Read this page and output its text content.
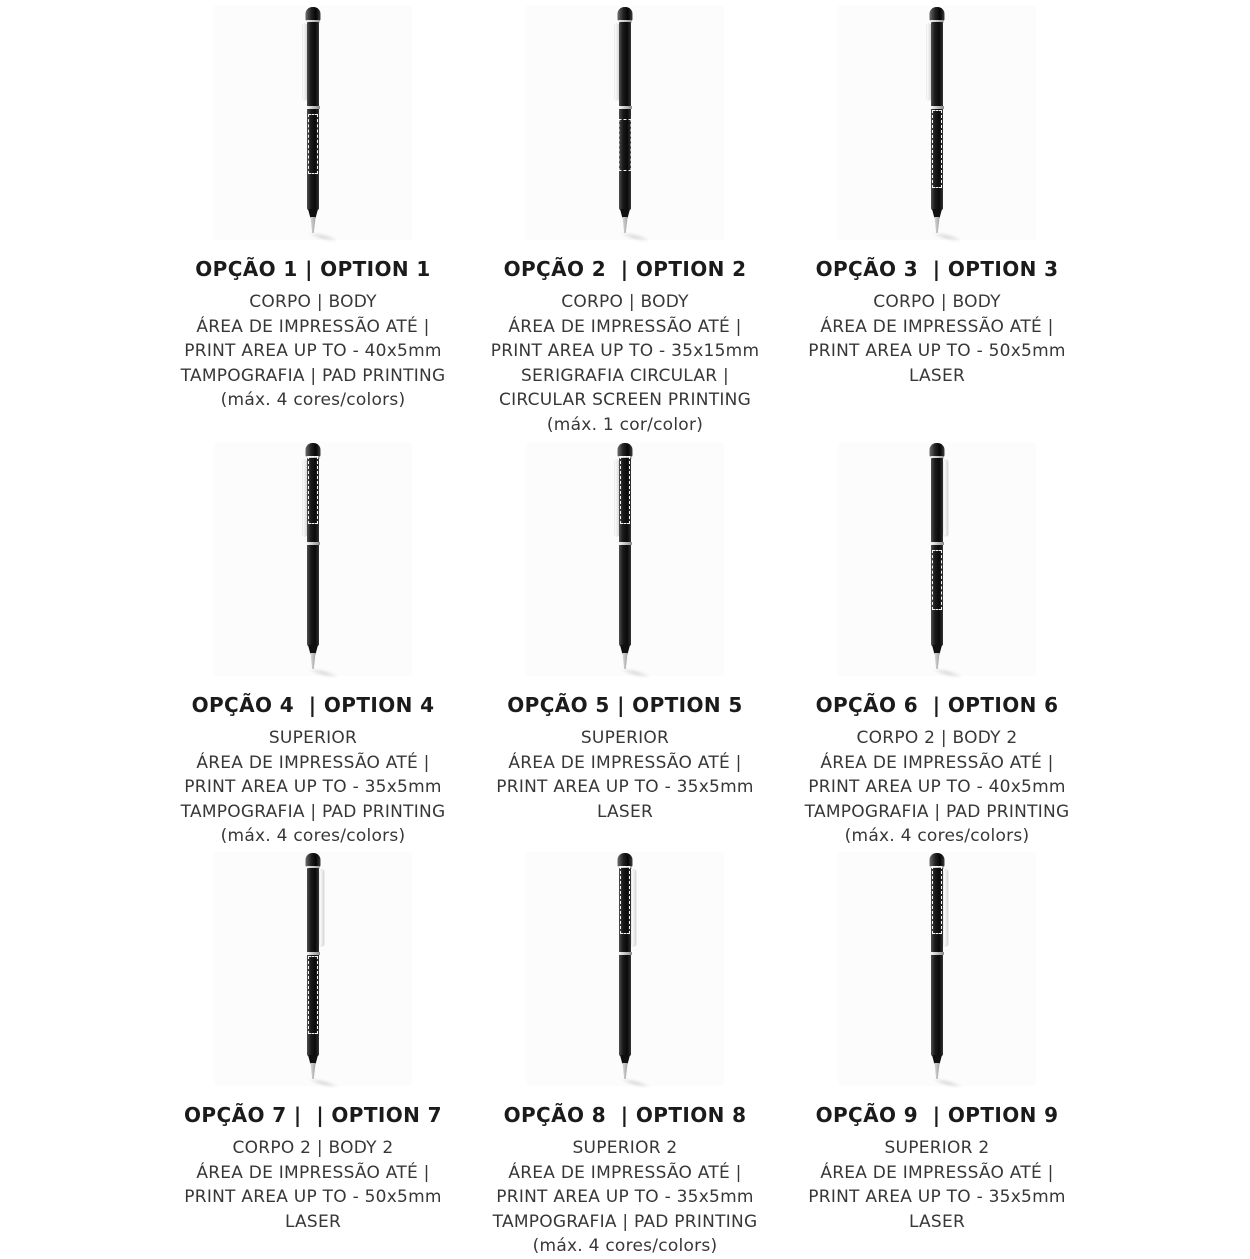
OPÇÃO 1 | OPTION 1

CORPO | BODY

ÁREA DE IMPRESSÃO ATÉ |

PRINT AREA UP TO - 40x5mm

TAMPOGRAFIA | PAD PRINTING

(máx. 4 cores/colors)

OPÇÃO 2  | OPTION 2

CORPO | BODY

ÁREA DE IMPRESSÃO ATÉ |

PRINT AREA UP TO - 35x15mm

SERIGRAFIA CIRCULAR |

CIRCULAR SCREEN PRINTING

(máx. 1 cor/color)

OPÇÃO 3  | OPTION 3

CORPO | BODY

ÁREA DE IMPRESSÃO ATÉ |

PRINT AREA UP TO - 50x5mm

LASER

OPÇÃO 4  | OPTION 4

SUPERIOR

ÁREA DE IMPRESSÃO ATÉ |

PRINT AREA UP TO - 35x5mm

TAMPOGRAFIA | PAD PRINTING

(máx. 4 cores/colors)

OPÇÃO 5 | OPTION 5

SUPERIOR

ÁREA DE IMPRESSÃO ATÉ |

PRINT AREA UP TO - 35x5mm

LASER

OPÇÃO 6  | OPTION 6

CORPO 2 | BODY 2

ÁREA DE IMPRESSÃO ATÉ |

PRINT AREA UP TO - 40x5mm

TAMPOGRAFIA | PAD PRINTING

(máx. 4 cores/colors)

OPÇÃO 7 |  | OPTION 7

CORPO 2 | BODY 2

ÁREA DE IMPRESSÃO ATÉ |

PRINT AREA UP TO - 50x5mm

LASER

OPÇÃO 8  | OPTION 8

SUPERIOR 2

ÁREA DE IMPRESSÃO ATÉ |

PRINT AREA UP TO - 35x5mm

TAMPOGRAFIA | PAD PRINTING

(máx. 4 cores/colors)

OPÇÃO 9  | OPTION 9

SUPERIOR 2

ÁREA DE IMPRESSÃO ATÉ |

PRINT AREA UP TO - 35x5mm

LASER
